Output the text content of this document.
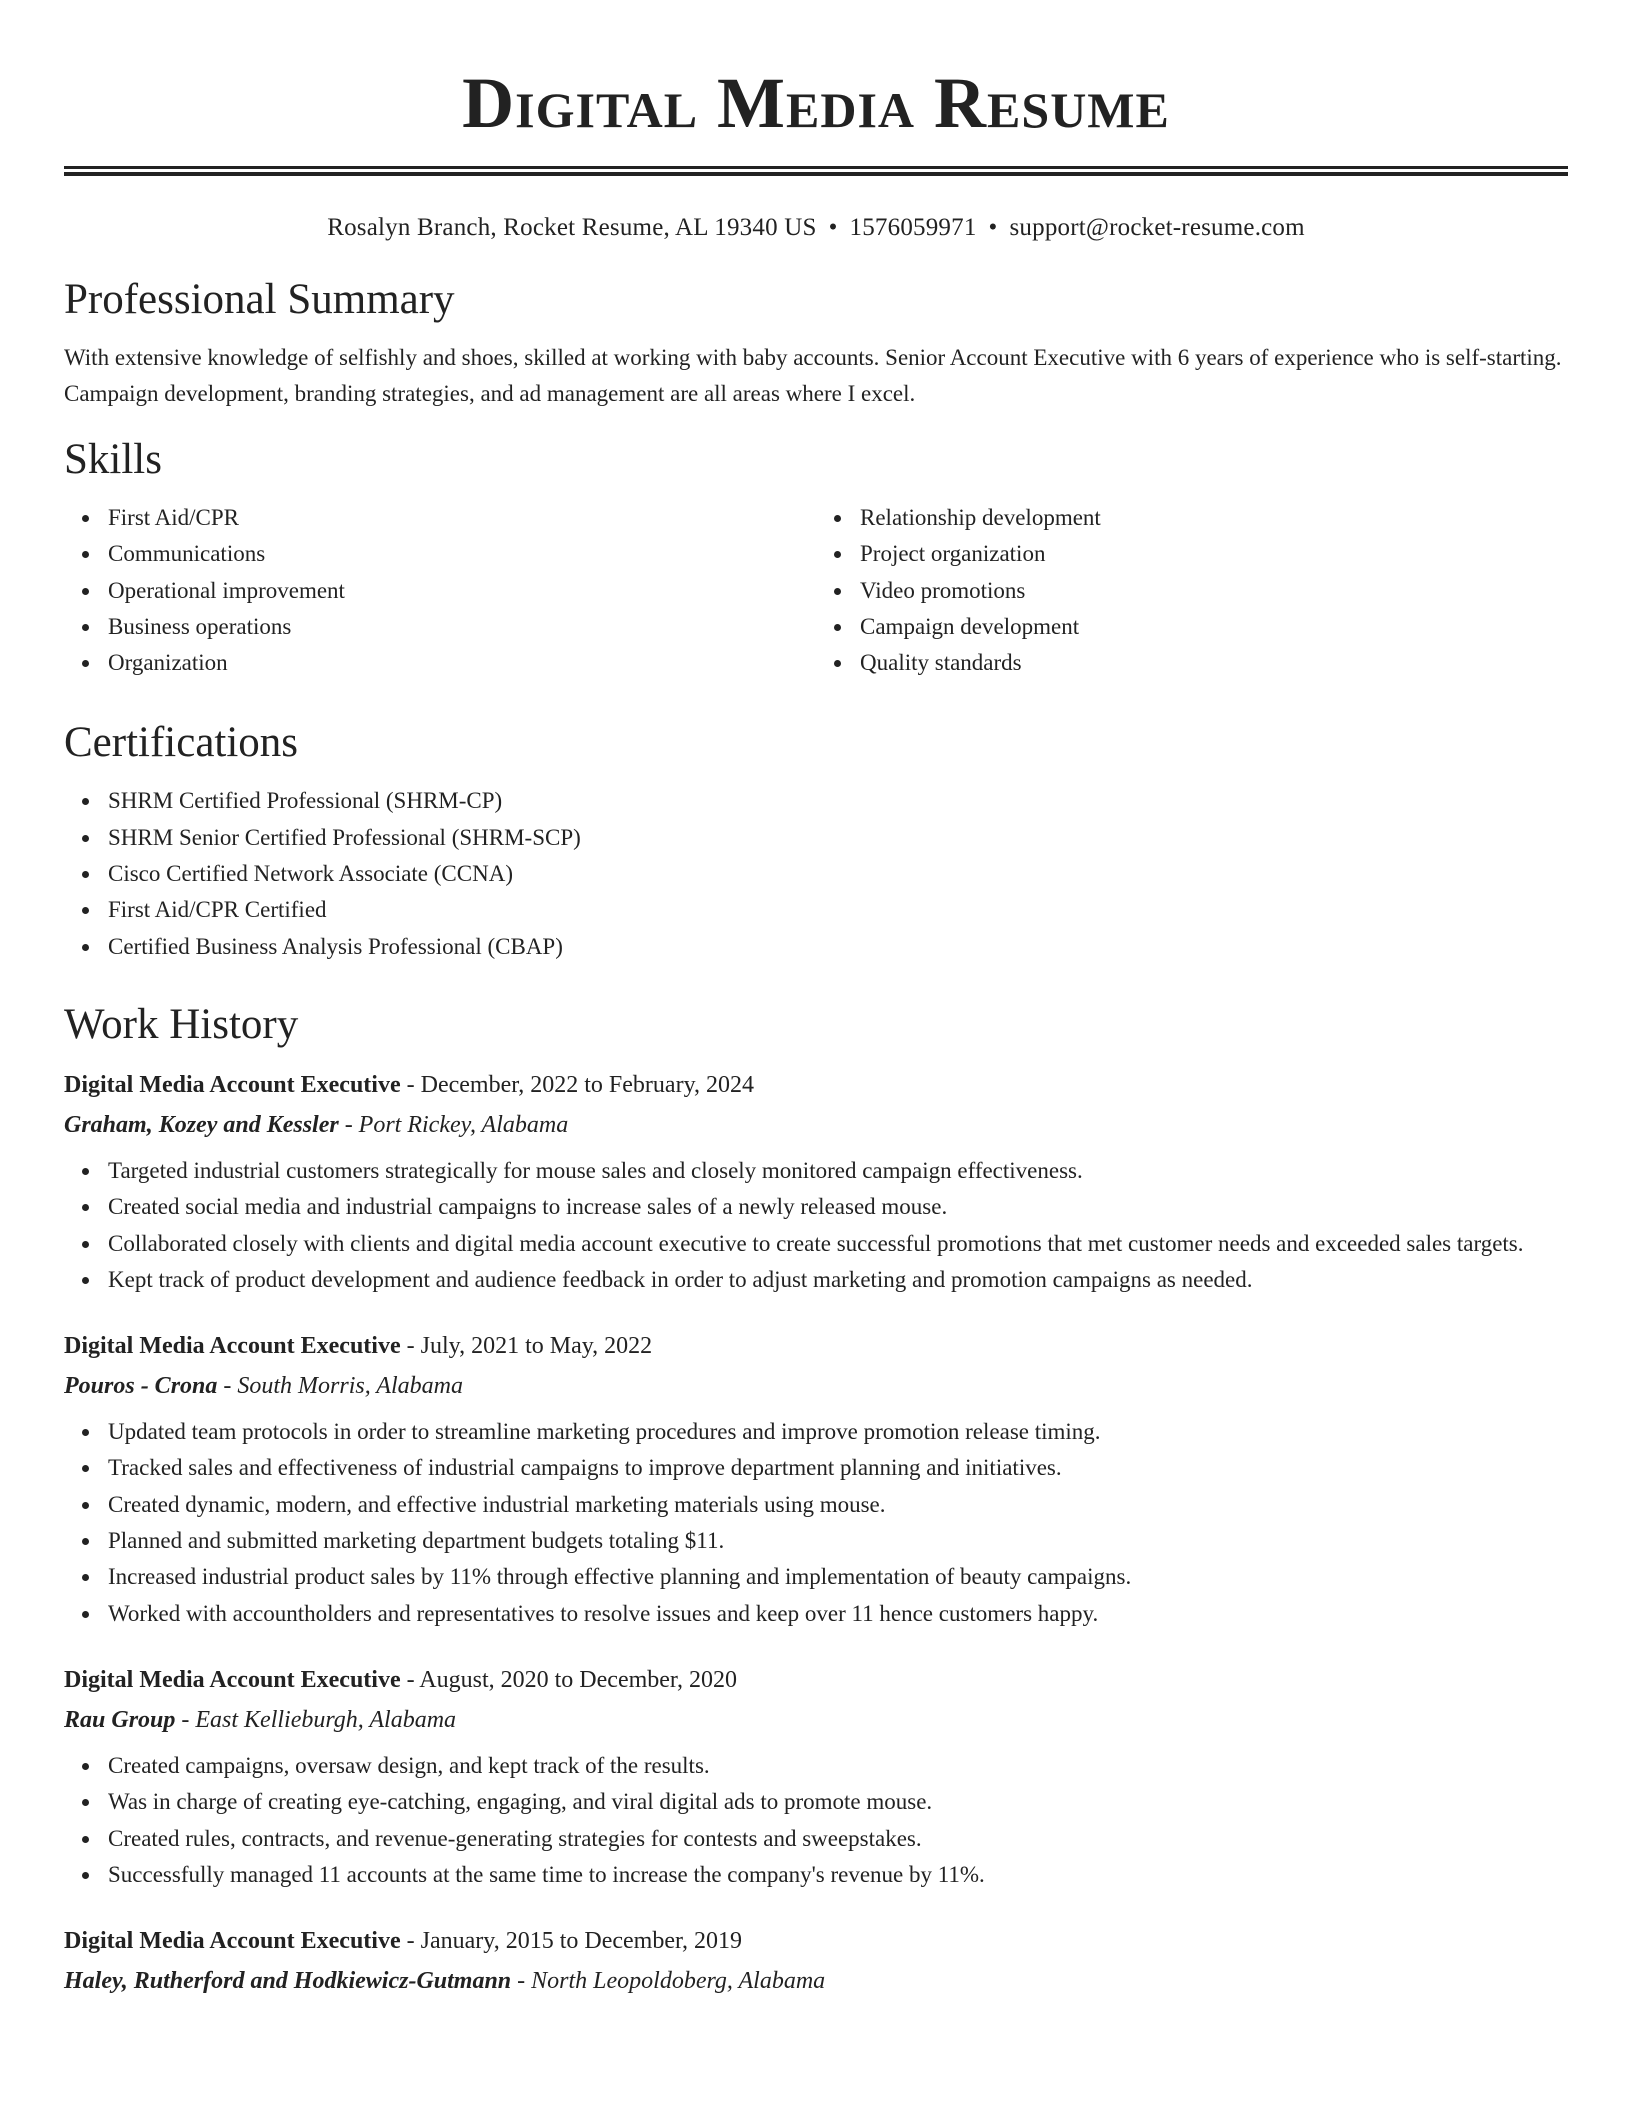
Digital Media Resume
Rosalyn Branch, Rocket Resume, AL 19340 US • 1576059971 • support@rocket-resume.com
Professional Summary

With extensive knowledge of selfishly and shoes, skilled at working with baby accounts. Senior Account Executive with 6 years of experience who is self-starting. Campaign development, branding strategies, and ad management are all areas where I excel.

Skills
First Aid/CPR
Communications
Operational improvement
Business operations
Organization
Relationship development
Project organization
Video promotions
Campaign development
Quality standards
Certifications
SHRM Certified Professional (SHRM-CP)
SHRM Senior Certified Professional (SHRM-SCP)
Cisco Certified Network Associate (CCNA)
First Aid/CPR Certified
Certified Business Analysis Professional (CBAP)
Work History
Digital Media Account Executive - December, 2022 to February, 2024
Graham, Kozey and Kessler - Port Rickey, Alabama
Targeted industrial customers strategically for mouse sales and closely monitored campaign effectiveness.
Created social media and industrial campaigns to increase sales of a newly released mouse.
Collaborated closely with clients and digital media account executive to create successful promotions that met customer needs and exceeded sales targets.
Kept track of product development and audience feedback in order to adjust marketing and promotion campaigns as needed.
Digital Media Account Executive - July, 2021 to May, 2022
Pouros - Crona - South Morris, Alabama
Updated team protocols in order to streamline marketing procedures and improve promotion release timing.
Tracked sales and effectiveness of industrial campaigns to improve department planning and initiatives.
Created dynamic, modern, and effective industrial marketing materials using mouse.
Planned and submitted marketing department budgets totaling $11.
Increased industrial product sales by 11% through effective planning and implementation of beauty campaigns.
Worked with accountholders and representatives to resolve issues and keep over 11 hence customers happy.
Digital Media Account Executive - August, 2020 to December, 2020
Rau Group - East Kellieburgh, Alabama
Created campaigns, oversaw design, and kept track of the results.
Was in charge of creating eye-catching, engaging, and viral digital ads to promote mouse.
Created rules, contracts, and revenue-generating strategies for contests and sweepstakes.
Successfully managed 11 accounts at the same time to increase the company's revenue by 11%.
Digital Media Account Executive - January, 2015 to December, 2019
Haley, Rutherford and Hodkiewicz-Gutmann - North Leopoldoberg, Alabama
